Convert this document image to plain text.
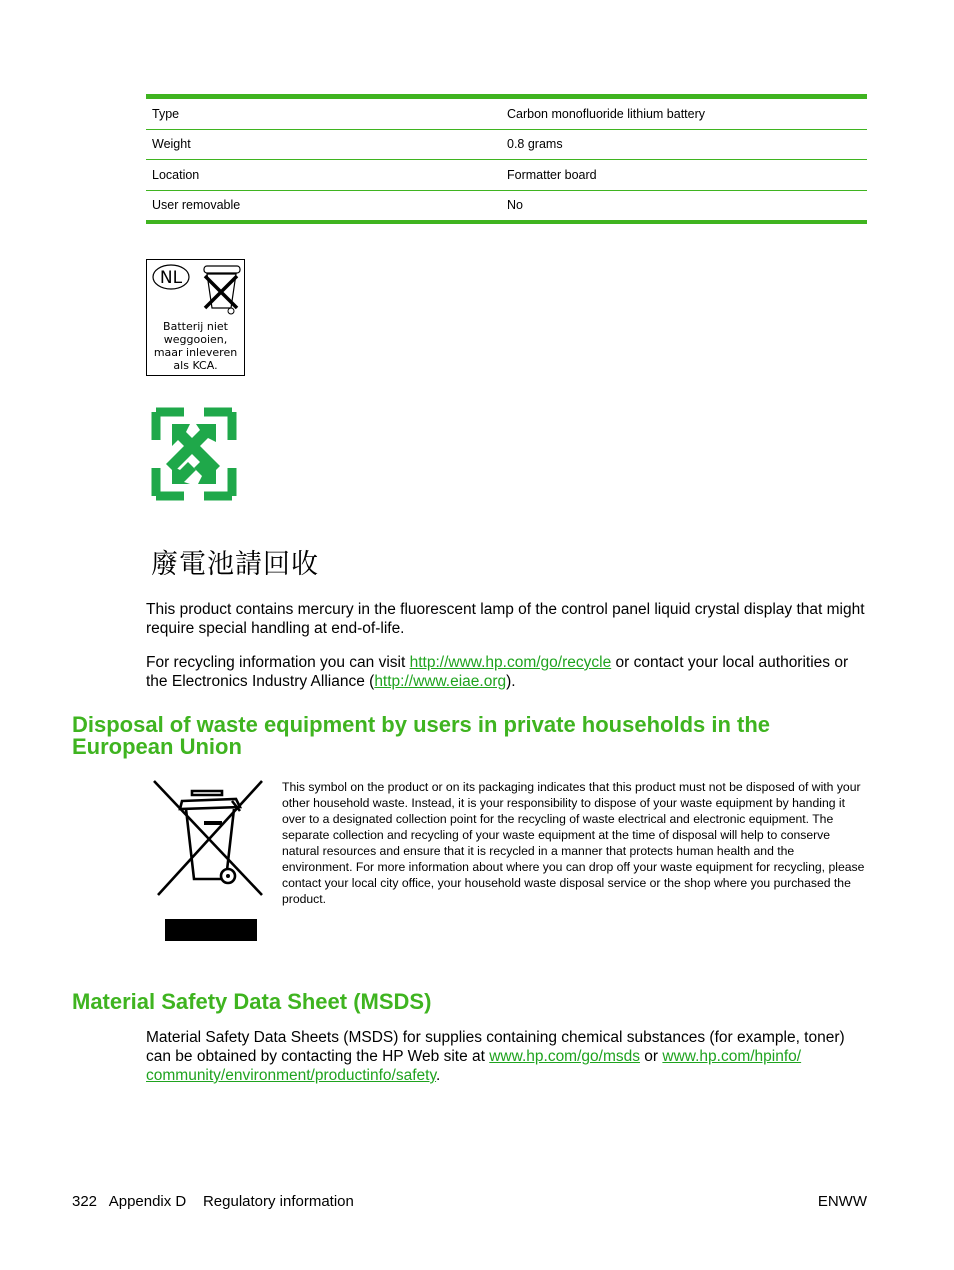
Type	Carbon monofluoride lithium battery
Weight	0.8 grams
Location	Formatter board
User removable	No
NL
Batterij niet
weggooien,
maar inleveren
als KCA.
廢電池請回收
This product contains mercury in the fluorescent lamp of the control panel liquid crystal display that might require special handling at end-of-life.
For recycling information you can visit http://www.hp.com/go/recycle or contact your local authorities or the Electronics Industry Alliance (http://www.eiae.org).
Disposal of waste equipment by users in private households in the European Union
This symbol on the product or on its packaging indicates that this product must not be disposed of with your other household waste. Instead, it is your responsibility to dispose of your waste equipment by handing it over to a designated collection point for the recycling of waste electrical and electronic equipment. The separate collection and recycling of your waste equipment at the time of disposal will help to conserve natural resources and ensure that it is recycled in a manner that protects human health and the environment. For more information about where you can drop off your waste equipment for recycling, please contact your local city office, your household waste disposal service or the shop where you purchased the product.
Material Safety Data Sheet (MSDS)
Material Safety Data Sheets (MSDS) for supplies containing chemical substances (for example, toner) can be obtained by contacting the HP Web site at www.hp.com/go/msds or www.hp.com/hpinfo/ community/environment/productinfo/safety.
322 Appendix D Regulatory information	ENWW
